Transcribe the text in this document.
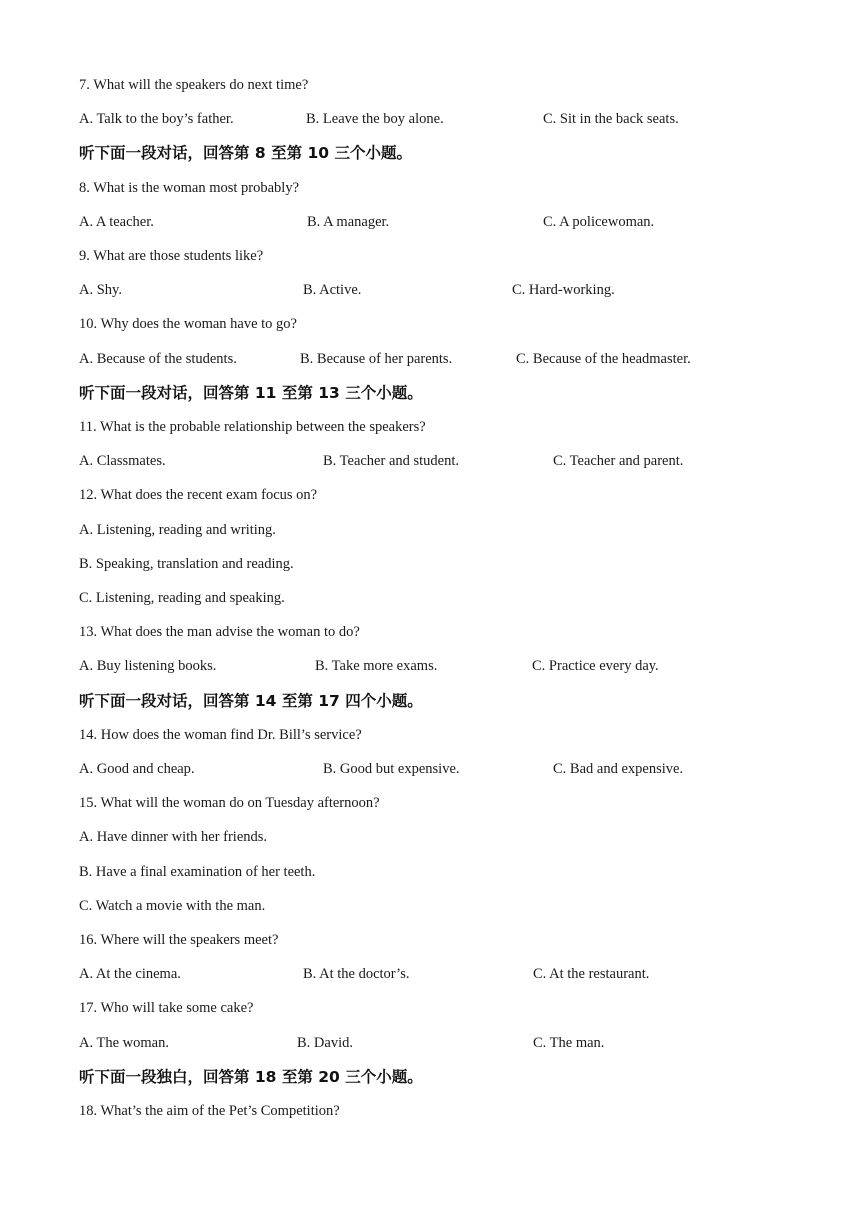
7. What will the speakers do next time?
A. Talk to the boy’s father.	B. Leave the boy alone.	C. Sit in the back seats.
听下面一段对话，回答第 8 至第 10 三个小题。
8. What is the woman most probably?
A. A teacher.	B. A manager.	C. A policewoman.
9. What are those students like?
A. Shy.	B. Active.	C. Hard-working.
10. Why does the woman have to go?
A. Because of the students.	B. Because of her parents.	C. Because of the headmaster.
听下面一段对话，回答第 11 至第 13 三个小题。
11. What is the probable relationship between the speakers?
A. Classmates.	B. Teacher and student.	C. Teacher and parent.
12. What does the recent exam focus on?
A. Listening, reading and writing.
B. Speaking, translation and reading.
C. Listening, reading and speaking.
13. What does the man advise the woman to do?
A. Buy listening books.	B. Take more exams.	C. Practice every day.
听下面一段对话，回答第 14 至第 17 四个小题。
14. How does the woman find Dr. Bill’s service?
A. Good and cheap.	B. Good but expensive.	C. Bad and expensive.
15. What will the woman do on Tuesday afternoon?
A. Have dinner with her friends.
B. Have a final examination of her teeth.
C. Watch a movie with the man.
16. Where will the speakers meet?
A. At the cinema.	B. At the doctor’s.	C. At the restaurant.
17. Who will take some cake?
A. The woman.	B. David.	C. The man.
听下面一段独白，回答第 18 至第 20 三个小题。
18. What’s the aim of the Pet’s Competition?
